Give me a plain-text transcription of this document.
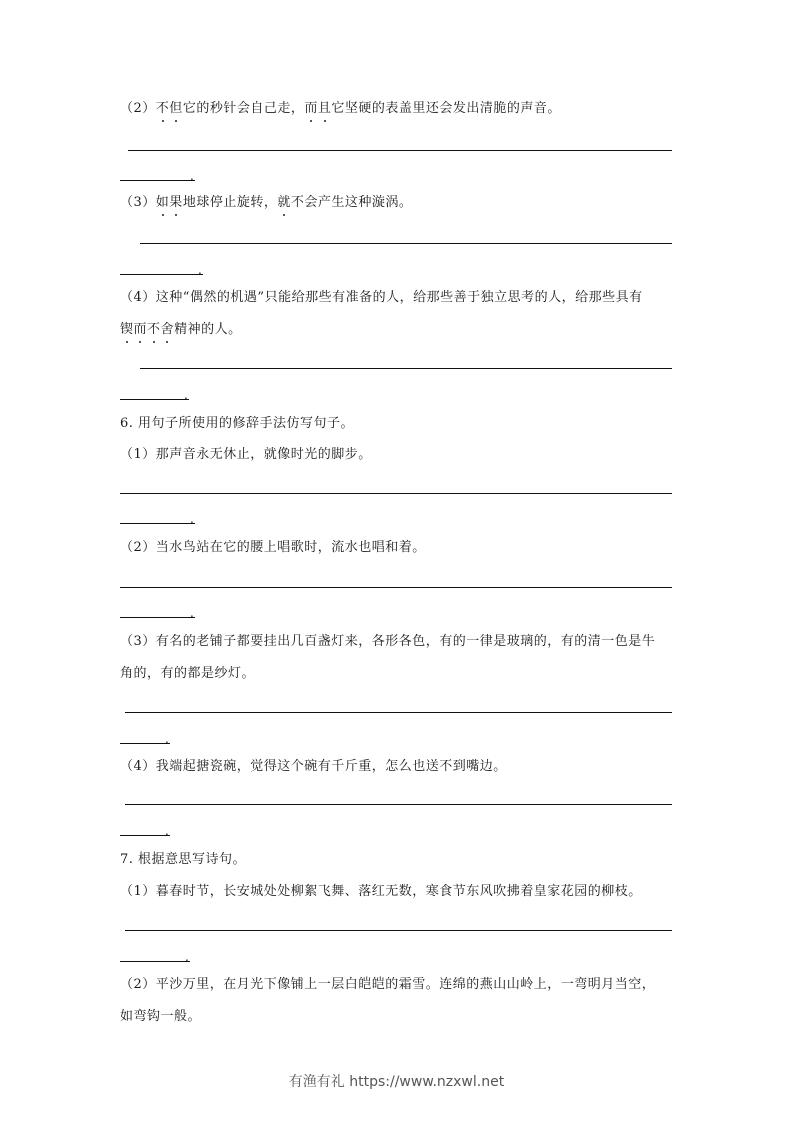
（2）不但它的秒针会自己走，而且它坚硬的表盖里还会发出清脆的声音。
.
（3）如果地球停止旋转，就不会产生这种漩涡。
.
（4）这种“偶然的机遇”只能给那些有准备的人，给那些善于独立思考的人，给那些具有
锲而不舍精神的人。
.
6. 用句子所使用的修辞手法仿写句子。
（1）那声音永无休止，就像时光的脚步。
.
（2）当水鸟站在它的腰上唱歌时，流水也唱和着。
.
（3）有名的老铺子都要挂出几百盏灯来，各形各色，有的一律是玻璃的，有的清一色是牛
角的，有的都是纱灯。
.
（4）我端起搪瓷碗，觉得这个碗有千斤重，怎么也送不到嘴边。
.
7. 根据意思写诗句。
（1）暮春时节，长安城处处柳絮飞舞、落红无数，寒食节东风吹拂着皇家花园的柳枝。
.
（2）平沙万里，在月光下像铺上一层白皑皑的霜雪。连绵的燕山山岭上，一弯明月当空，
如弯钩一般。
有渔有礼 https://www.nzxwl.net
